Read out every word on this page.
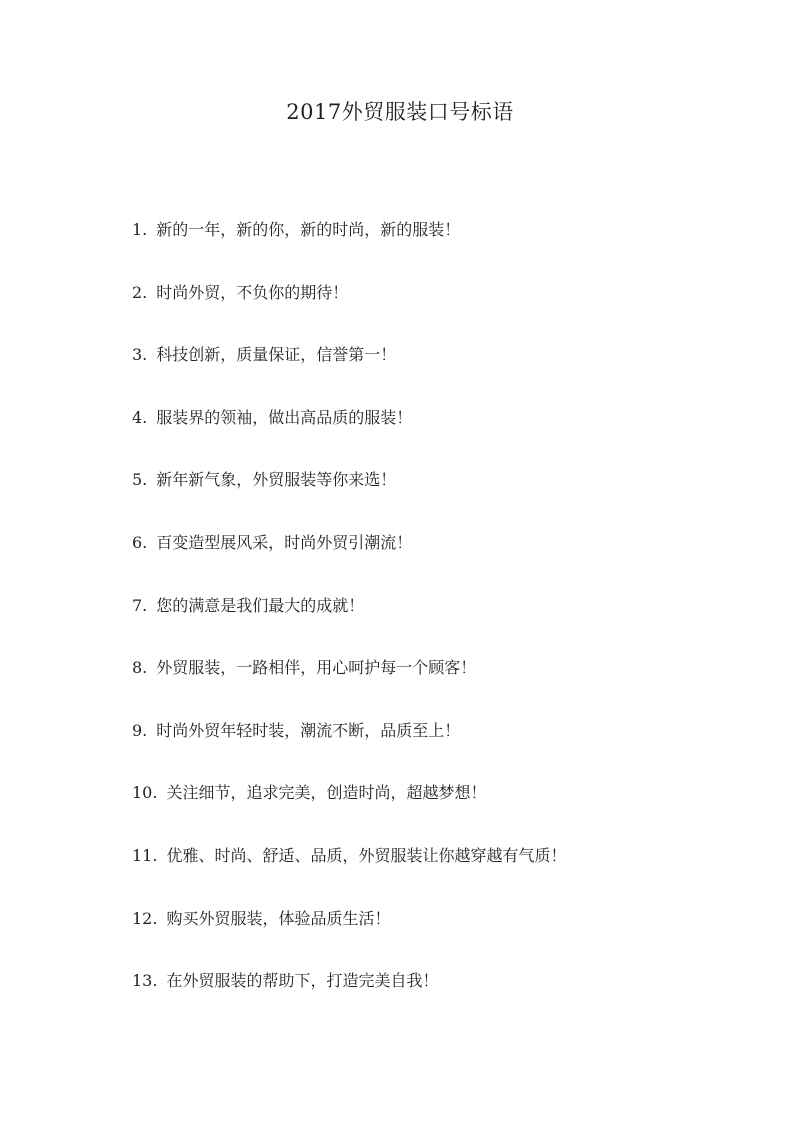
2017外贸服装口号标语
1. 新的一年，新的你，新的时尚，新的服装！
2. 时尚外贸，不负你的期待！
3. 科技创新，质量保证，信誉第一！
4. 服装界的领袖，做出高品质的服装！
5. 新年新气象，外贸服装等你来选！
6. 百变造型展风采，时尚外贸引潮流！
7. 您的满意是我们最大的成就！
8. 外贸服装，一路相伴，用心呵护每一个顾客！
9. 时尚外贸年轻时装，潮流不断，品质至上！
10. 关注细节，追求完美，创造时尚，超越梦想！
11. 优雅、时尚、舒适、品质，外贸服装让你越穿越有气质！
12. 购买外贸服装，体验品质生活！
13. 在外贸服装的帮助下，打造完美自我！
